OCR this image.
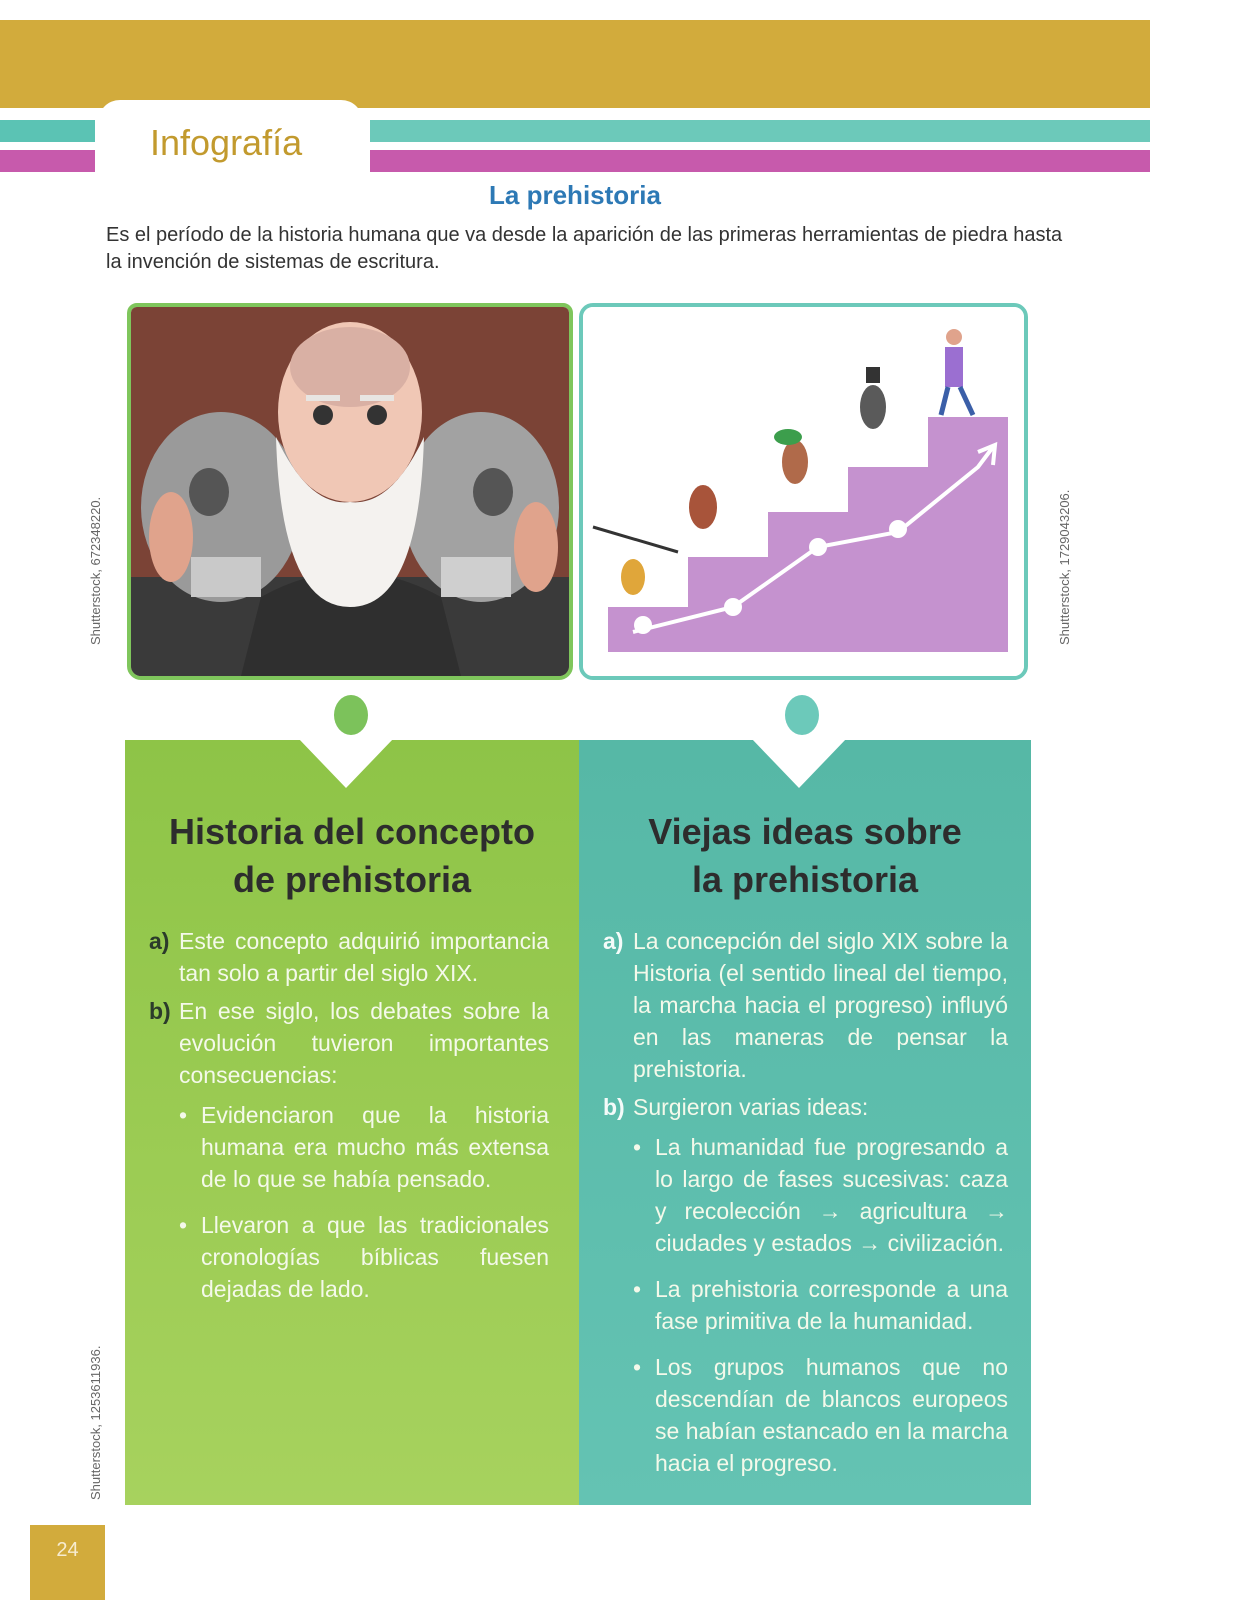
Infografía
La prehistoria

Es el período de la historia humana que va desde la aparición de las primeras herramientas de piedra hasta la invención de sistemas de escritura.

Shutterstock, 672348220.	Shutterstock, 1729043206.
Shutterstock, 1253611936.
Historia del concepto
de prehistoria
a) Este concepto adquirió importancia tan solo a partir del siglo XIX.
b) En ese siglo, los debates sobre la evolución tuvieron importantes consecuencias:
• Evidenciaron que la historia humana era mucho más extensa de lo que se había pensado.
• Llevaron a que las tradicionales cronologías bíblicas fuesen dejadas de lado.
Viejas ideas sobre
la prehistoria
a) La concepción del siglo XIX sobre la Historia (el sentido lineal del tiempo, la marcha hacia el progreso) influyó en las maneras de pensar la prehistoria.
b) Surgieron varias ideas:
• La humanidad fue progresando a lo largo de fases sucesivas: caza y recolección → agricultura → ciudades y estados → civilización.
• La prehistoria corresponde a una fase primitiva de la humanidad.
• Los grupos humanos que no descendían de blancos europeos se habían estancado en la marcha hacia el progreso.
24
